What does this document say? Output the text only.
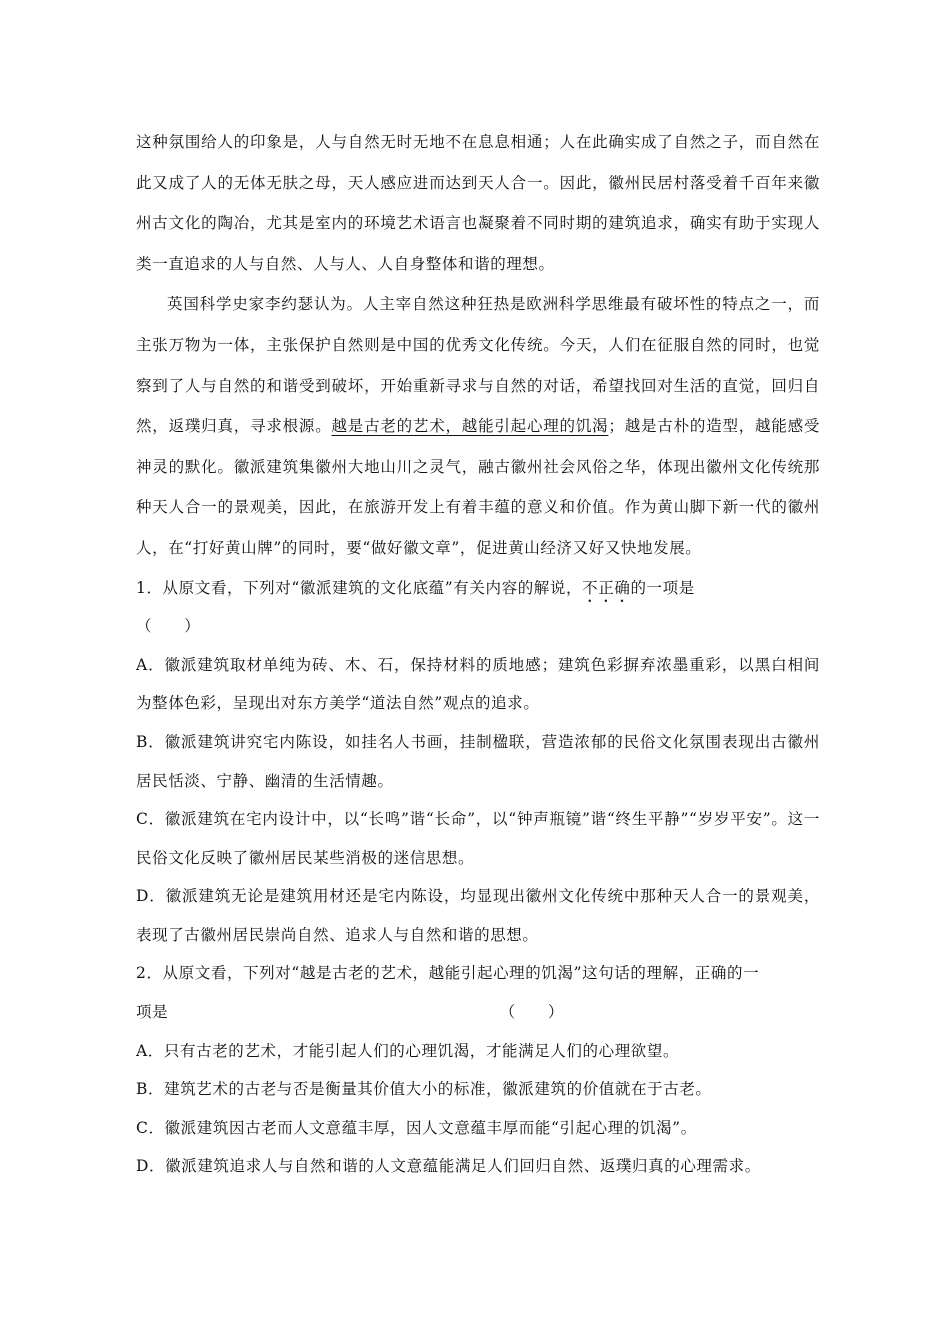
这种氛围给人的印象是，人与自然无时无地不在息息相通；人在此确实成了自然之子，而自然在此又成了人的无体无肤之母，天人感应进而达到天人合一。因此，徽州民居村落受着千百年来徽州古文化的陶冶，尤其是室内的环境艺术语言也凝聚着不同时期的建筑追求，确实有助于实现人类一直追求的人与自然、人与人、人自身整体和谐的理想。

英国科学史家李约瑟认为。人主宰自然这种狂热是欧洲科学思维最有破坏性的特点之一，而主张万物为一体，主张保护自然则是中国的优秀文化传统。今天，人们在征服自然的同时，也觉察到了人与自然的和谐受到破坏，开始重新寻求与自然的对话，希望找回对生活的直觉，回归自然，返璞归真，寻求根源。越是古老的艺术，越能引起心理的饥渴；越是古朴的造型，越能感受神灵的默化。徽派建筑集徽州大地山川之灵气，融古徽州社会风俗之华，体现出徽州文化传统那种天人合一的景观美，因此，在旅游开发上有着丰蕴的意义和价值。作为黄山脚下新一代的徽州人，在“打好黄山牌”的同时，要“做好徽文章”，促进黄山经济又好又快地发展。

1．从原文看，下列对“徽派建筑的文化底蕴”有关内容的解说，不正确的一项是

（　　）

A．徽派建筑取材单纯为砖、木、石，保持材料的质地感；建筑色彩摒弃浓墨重彩，以黑白相间为整体色彩，呈现出对东方美学“道法自然”观点的追求。

B．徽派建筑讲究宅内陈设，如挂名人书画，挂制楹联，营造浓郁的民俗文化氛围表现出古徽州居民恬淡、宁静、幽清的生活情趣。

C．徽派建筑在宅内设计中，以“长鸣”谐“长命”，以“钟声瓶镜”谐“终生平静”“岁岁平安”。这一民俗文化反映了徽州居民某些消极的迷信思想。

D．徽派建筑无论是建筑用材还是宅内陈设，均显现出徽州文化传统中那种天人合一的景观美，表现了古徽州居民崇尚自然、追求人与自然和谐的思想。

2．从原文看，下列对“越是古老的艺术，越能引起心理的饥渴”这句话的理解，正确的一

项是	（　　）

A．只有古老的艺术，才能引起人们的心理饥渴，才能满足人们的心理欲望。

B．建筑艺术的古老与否是衡量其价值大小的标准，徽派建筑的价值就在于古老。

C．徽派建筑因古老而人文意蕴丰厚，因人文意蕴丰厚而能“引起心理的饥渴”。

D．徽派建筑追求人与自然和谐的人文意蕴能满足人们回归自然、返璞归真的心理需求。
